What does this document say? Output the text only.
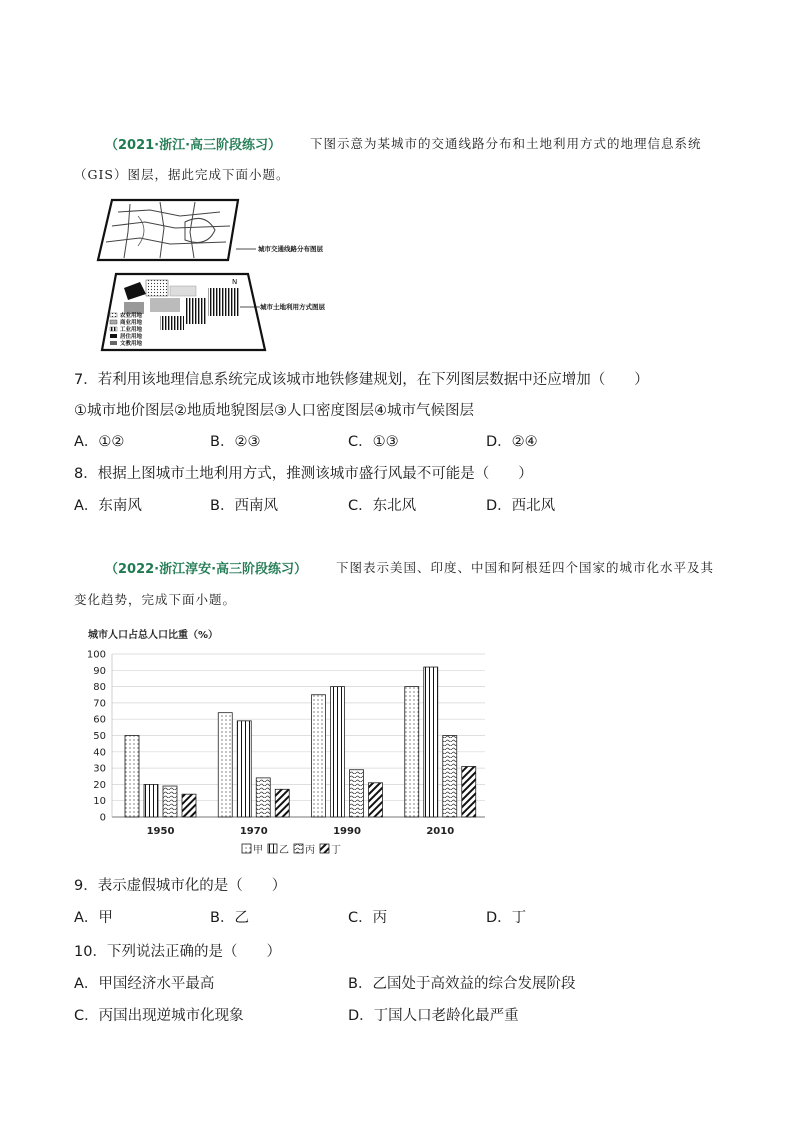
（2021·浙江·高三阶段练习） 下图示意为某城市的交通线路分布和土地利用方式的地理信息系统
（GIS）图层，据此完成下面小题。
城市交通线路分布图层
N
农业用地
商业用地
工业用地
居住用地
文教用地
城市土地利用方式图层
7．若利用该地理信息系统完成该城市地铁修建规划，在下列图层数据中还应增加（　　）
①城市地价图层②地质地貌图层③人口密度图层④城市气候图层
A．①②	B．②③	C．①③	D．②④
8．根据上图城市土地利用方式，推测该城市盛行风最不可能是（　　）
A．东南风	B．西南风	C．东北风	D．西北风
（2022·浙江淳安·高三阶段练习） 下图表示美国、印度、中国和阿根廷四个国家的城市化水平及其
变化趋势，完成下面小题。
城市人口占总人口比重（%）
0
10
20
30
40
50
60
70
80
90
100
1950	1970	1990	2010
甲 乙 丙 丁
9．表示虚假城市化的是（　　）
A．甲	B．乙	C．丙	D．丁
10．下列说法正确的是（　　）
A．甲国经济水平最高	B．乙国处于高效益的综合发展阶段
C．丙国出现逆城市化现象	D．丁国人口老龄化最严重
